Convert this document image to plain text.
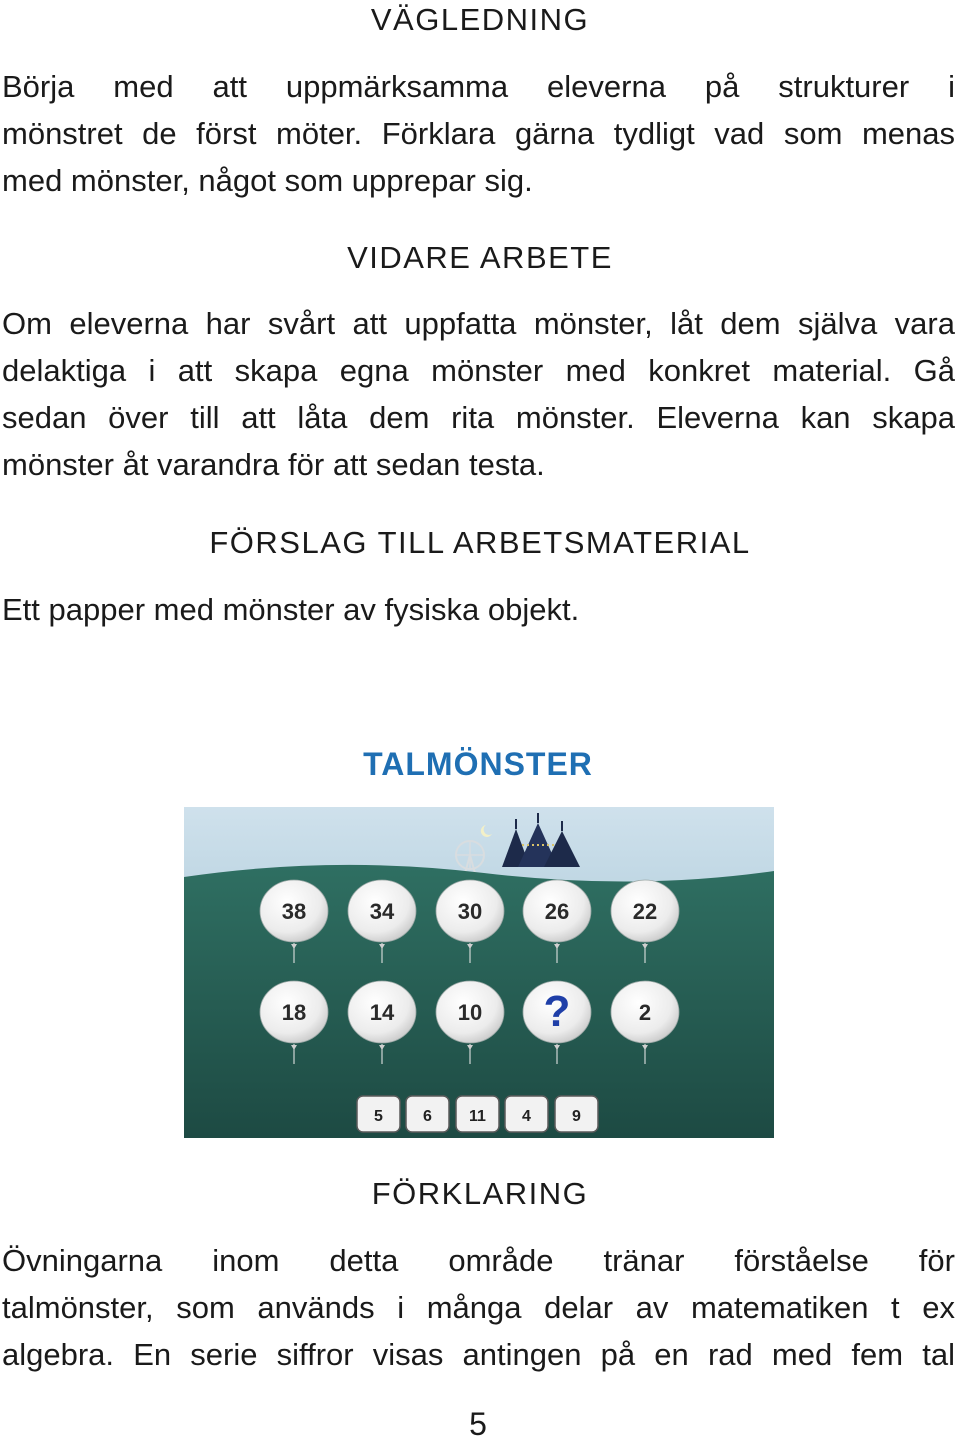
VÄGLEDNING

Börja med att uppmärksamma eleverna på strukturer i
mönstret de först möter. Förklara gärna tydligt vad som menas
med mönster, något som upprepar sig.

VIDARE ARBETE

Om eleverna har svårt att uppfatta mönster, låt dem själva vara
delaktiga i att skapa egna mönster med konkret material. Gå
sedan över till att låta dem rita mönster. Eleverna kan skapa
mönster åt varandra för att sedan testa.

FÖRSLAG TILL ARBETSMATERIAL

Ett papper med mönster av fysiska objekt.

TALMÖNSTER
38	34	30	26	22
18	14	10 ?	2
5	6 11 4	9
FÖRKLARING

Övningarna inom detta område tränar förståelse för
talmönster, som används i många delar av matematiken t ex
algebra. En serie siffror visas antingen på en rad med fem tal

5
